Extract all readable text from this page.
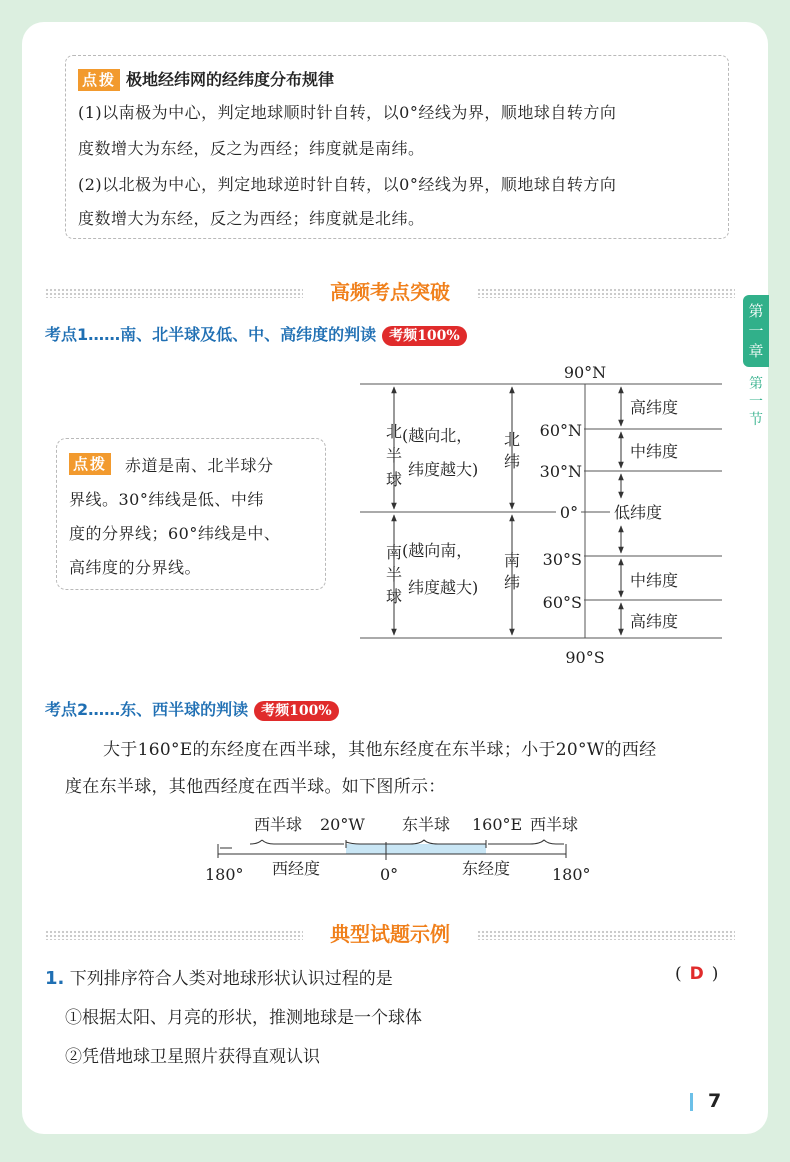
点拨 极地经纬网的经纬度分布规律
(1)以南极为中心，判定地球顺时针自转，以0°经线为界，顺地球自转方向
度数增大为东经，反之为西经；纬度就是南纬。
(2)以北极为中心，判定地球逆时针自转，以0°经线为界，顺地球自转方向
度数增大为东经，反之为西经；纬度就是北纬。
高频考点突破
第
一
章
第
一
节
考点1……南、北半球及低、中、高纬度的判读 考频100%
点拨 赤道是南、北半球分
界线。30°纬线是低、中纬
度的分界线；60°纬线是中、
高纬度的分界线。
90°N
60°N
30°N
0°
30°S
60°S
90°S
高纬度
中纬度
低纬度
中纬度
高纬度
北
半
球
(越向北，
纬度越大)
北
纬
南
半
球
(越向南，
纬度越大)
南
纬
考点2……东、西半球的判读 考频100%
大于160°E的东经度在西半球，其他东经度在东半球；小于20°W的西经
度在东半球，其他西经度在西半球。如下图所示：
西半球 20°W 东半球 160°E 西半球
180° 西经度	0°	东经度	180°
典型试题示例
1. 下列排序符合人类对地球形状认识过程的是	( D )
①根据太阳、月亮的形状，推测地球是一个球体
②凭借地球卫星照片获得直观认识
7
